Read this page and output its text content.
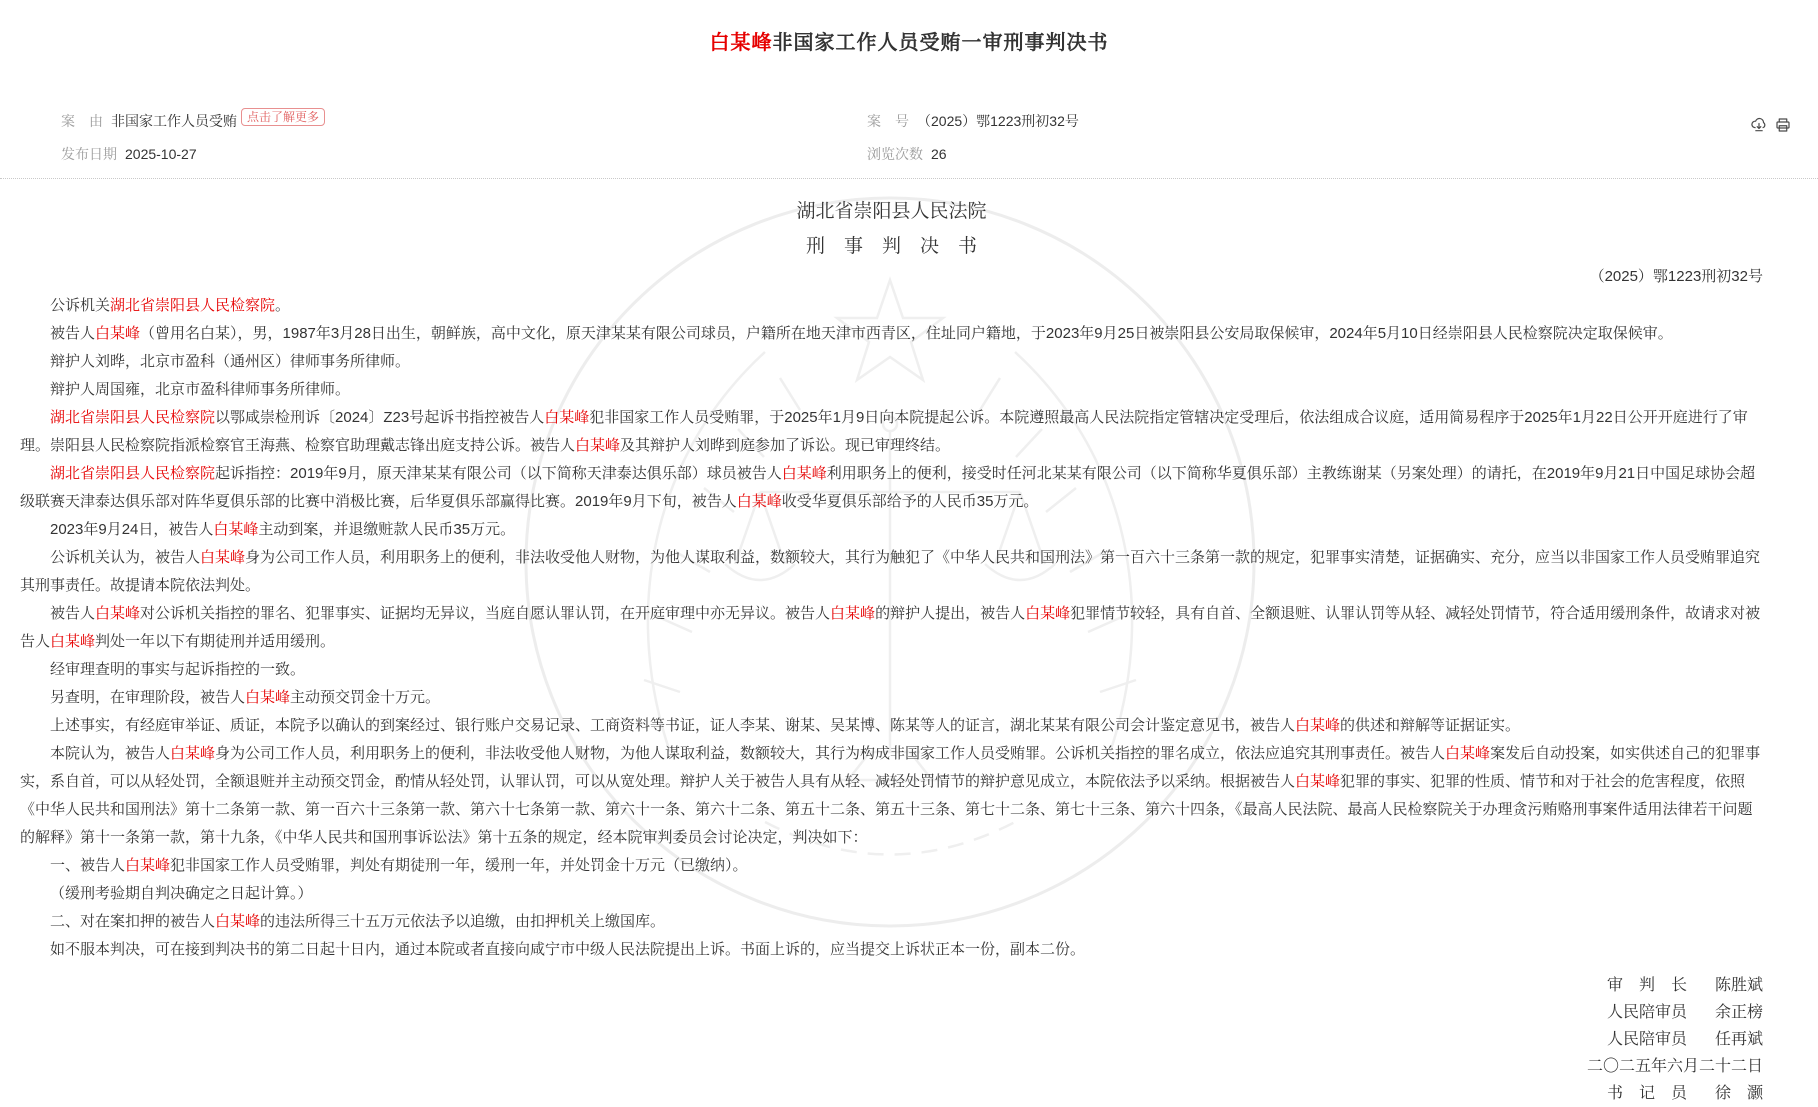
白某峰非国家工作人员受贿一审刑事判决书
案　由 非国家工作人员受贿 点击了解更多	案　号 （2025）鄂1223刑初32号
发布日期 2025-10-27	浏览次数 26
湖北省崇阳县人民法院
刑　事　判　决　书
（2025）鄂1223刑初32号

公诉机关湖北省崇阳县人民检察院。

被告人白某峰（曾用名白某），男，1987年3月28日出生，朝鲜族，高中文化，原天津某某有限公司球员，户籍所在地天津市西青区，住址同户籍地，于2023年9月25日被崇阳县公安局取保候审，2024年5月10日经崇阳县人民检察院决定取保候审。

辩护人刘晔，北京市盈科（通州区）律师事务所律师。

辩护人周国雍，北京市盈科律师事务所律师。

湖北省崇阳县人民检察院以鄂咸崇检刑诉〔2024〕Z23号起诉书指控被告人白某峰犯非国家工作人员受贿罪，于2025年1月9日向本院提起公诉。本院遵照最高人民法院指定管辖决定受理后，依法组成合议庭，适用简易程序于2025年1月22日公开开庭进行了审理。崇阳县人民检察院指派检察官王海燕、检察官助理戴志锋出庭支持公诉。被告人白某峰及其辩护人刘晔到庭参加了诉讼。现已审理终结。

湖北省崇阳县人民检察院起诉指控：2019年9月，原天津某某有限公司（以下简称天津泰达俱乐部）球员被告人白某峰利用职务上的便利，接受时任河北某某有限公司（以下简称华夏俱乐部）主教练谢某（另案处理）的请托，在2019年9月21日中国足球协会超级联赛天津泰达俱乐部对阵华夏俱乐部的比赛中消极比赛，后华夏俱乐部赢得比赛。2019年9月下旬，被告人白某峰收受华夏俱乐部给予的人民币35万元。

2023年9月24日，被告人白某峰主动到案，并退缴赃款人民币35万元。

公诉机关认为，被告人白某峰身为公司工作人员，利用职务上的便利，非法收受他人财物，为他人谋取利益，数额较大，其行为触犯了《中华人民共和国刑法》第一百六十三条第一款的规定，犯罪事实清楚，证据确实、充分，应当以非国家工作人员受贿罪追究其刑事责任。故提请本院依法判处。

被告人白某峰对公诉机关指控的罪名、犯罪事实、证据均无异议，当庭自愿认罪认罚，在开庭审理中亦无异议。被告人白某峰的辩护人提出，被告人白某峰犯罪情节较轻，具有自首、全额退赃、认罪认罚等从轻、减轻处罚情节，符合适用缓刑条件，故请求对被告人白某峰判处一年以下有期徒刑并适用缓刑。

经审理查明的事实与起诉指控的一致。

另查明，在审理阶段，被告人白某峰主动预交罚金十万元。

上述事实，有经庭审举证、质证，本院予以确认的到案经过、银行账户交易记录、工商资料等书证，证人李某、谢某、吴某博、陈某等人的证言，湖北某某有限公司会计鉴定意见书，被告人白某峰的供述和辩解等证据证实。

本院认为，被告人白某峰身为公司工作人员，利用职务上的便利，非法收受他人财物，为他人谋取利益，数额较大，其行为构成非国家工作人员受贿罪。公诉机关指控的罪名成立，依法应追究其刑事责任。被告人白某峰案发后自动投案，如实供述自己的犯罪事实，系自首，可以从轻处罚，全额退赃并主动预交罚金，酌情从轻处罚，认罪认罚，可以从宽处理。辩护人关于被告人具有从轻、减轻处罚情节的辩护意见成立，本院依法予以采纳。根据被告人白某峰犯罪的事实、犯罪的性质、情节和对于社会的危害程度，依照《中华人民共和国刑法》第十二条第一款、第一百六十三条第一款、第六十七条第一款、第六十一条、第六十二条、第五十二条、第五十三条、第七十二条、第七十三条、第六十四条，《最高人民法院、最高人民检察院关于办理贪污贿赂刑事案件适用法律若干问题的解释》第十一条第一款，第十九条，《中华人民共和国刑事诉讼法》第十五条的规定，经本院审判委员会讨论决定，判决如下：

一、被告人白某峰犯非国家工作人员受贿罪，判处有期徒刑一年，缓刑一年，并处罚金十万元（已缴纳）。

（缓刑考验期自判决确定之日起计算。）

二、对在案扣押的被告人白某峰的违法所得三十五万元依法予以追缴，由扣押机关上缴国库。

如不服本判决，可在接到判决书的第二日起十日内，通过本院或者直接向咸宁市中级人民法院提出上诉。书面上诉的，应当提交上诉状正本一份，副本二份。

审　判　长 陈胜斌
人民陪审员 余正榜
人民陪审员 任再斌
二〇二五年六月二十二日
书　记　员 徐　灏
